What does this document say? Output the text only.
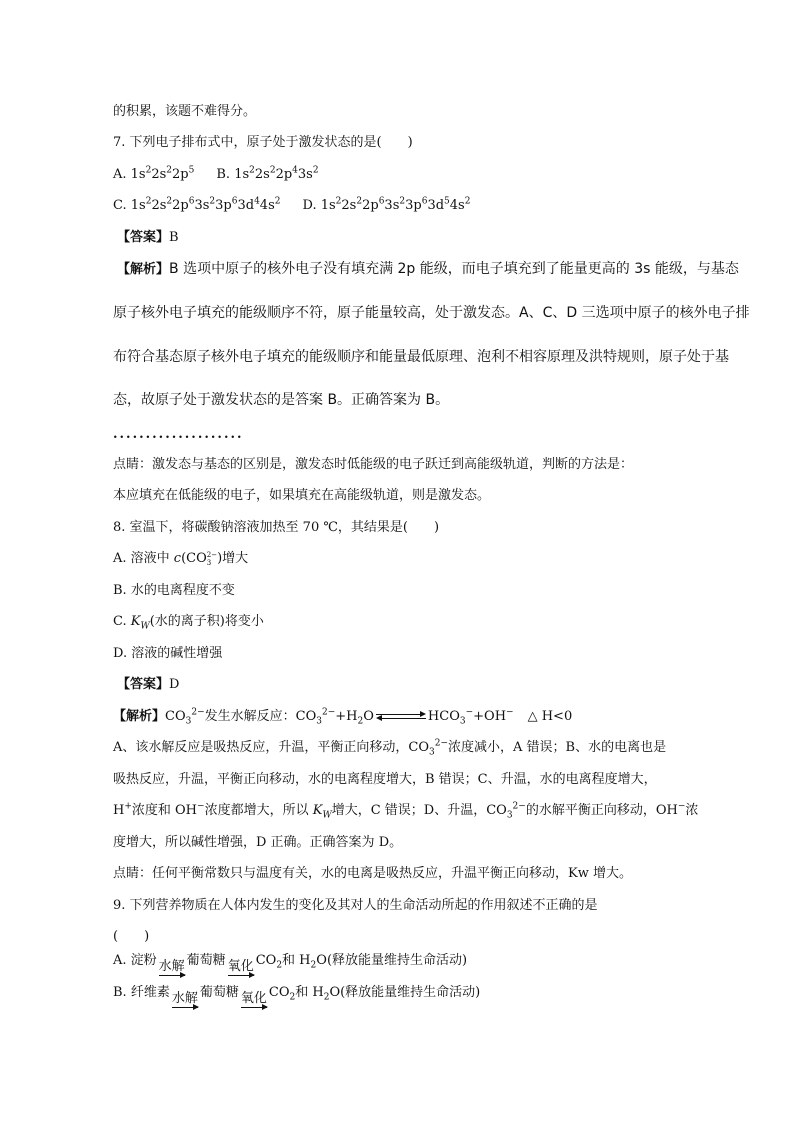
的积累，该题不难得分。
7. 下列电子排布式中，原子处于激发状态的是(　　)
A. $1s^22s^22p^5$ B. $1s^22s^22p^43s^2$
C. $1s^22s^22p^63s^23p^63d^44s^2$ D. $1s^22s^22p^63s^23p^63d^54s^2$
【答案】B
【解析】B 选项中原子的核外电子没有填充满 2p 能级，而电子填充到了能量更高的 3s 能级，与基态
原子核外电子填充的能级顺序不符，原子能量较高，处于激发态。A、C、D 三选项中原子的核外电子排
布符合基态原子核外电子填充的能级顺序和能量最低原理、泡利不相容原理及洪特规则，原子处于基
态，故原子处于激发状态的是答案 B。正确答案为 B。
....................
点睛：激发态与基态的区别是，激发态时低能级的电子跃迁到高能级轨道，判断的方法是：
本应填充在低能级的电子，如果填充在高能级轨道，则是激发态。
8. 室温下，将碳酸钠溶液加热至 70 ℃，其结果是(　　)
A. 溶液中 c(CO 2−
3 )增大
B. 水的电离程度不变
C. $K_W$(水的离子积)将变小
D. 溶液的碱性增强
【答案】D
【解析】$CO_3^{2-}$发生水解反应：$CO_3^{2-}+H_2O$	$HCO_3^-+OH^-$ △ H<0
A、该水解反应是吸热反应，升温，平衡正向移动，$CO_3^{2-}$浓度减小，A 错误；B、水的电离也是
吸热反应，升温，平衡正向移动，水的电离程度增大，B 错误；C、升温，水的电离程度增大，
H+浓度和 OH−浓度都增大，所以 $K_W$增大，C 错误；D、升温，$CO_3^{2-}$的水解平衡正向移动，OH−浓
度增大，所以碱性增强，D 正确。正确答案为 D。
点睛：任何平衡常数只与温度有关，水的电离是吸热反应，升温平衡正向移动，Kw 增大。
9. 下列营养物质在人体内发生的变化及其对人的生命活动所起的作用叙述不正确的是
(　　)
A. 淀粉 水解 葡萄糖 氧化 $CO_2$和 $H_2O$(释放能量维持生命活动)
B. 纤维素 水解 葡萄糖 氧化 $CO_2$和 $H_2O$(释放能量维持生命活动)
